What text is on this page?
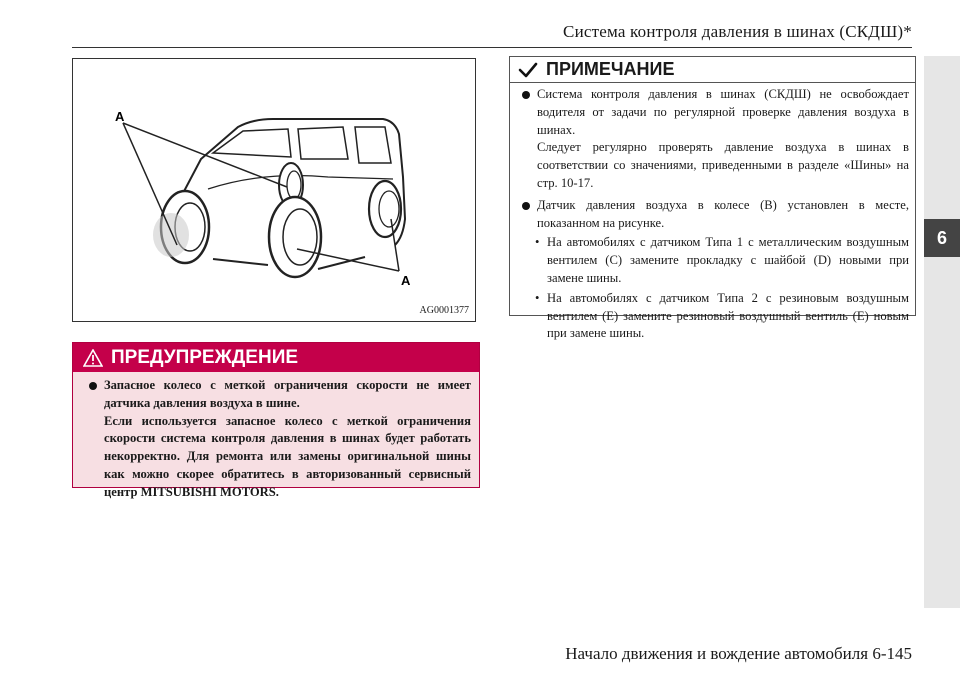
Система контроля давления в шинах (СКДШ)*
6
A
A
AG0001377
ПРЕДУПРЕЖДЕНИЕ
Запасное колесо с меткой ограничения скорости не имеет датчика давления воздуха в шине.
Если используется запасное колесо с меткой ограничения скорости система контроля давления в шинах будет работать некорректно. Для ремонта или замены оригинальной шины как можно скорее обратитесь в авторизованный сервисный центр MITSUBISHI MOTORS.
ПРИМЕЧАНИЕ

Система контроля давления в шинах (СКДШ) не освобождает водителя от задачи по регулярной проверке давления воздуха в шинах.

Следует регулярно проверять давление воздуха в шинах в соответствии со значениями, приведенными в разделе «Шины» на стр. 10-17.

Датчик давления воздуха в колесе (B) установлен в месте, показанном на рисунке.

• На автомобилях с датчиком Типа 1 с металлическим воздушным вентилем (C) замените прокладку с шайбой (D) новыми при замене шины.

• На автомобилях с датчиком Типа 2 с резиновым воздушным вентилем (E) замените резиновый воздушный вентиль (E) новым при замене шины.

Начало движения и вождение автомобиля 6-145
